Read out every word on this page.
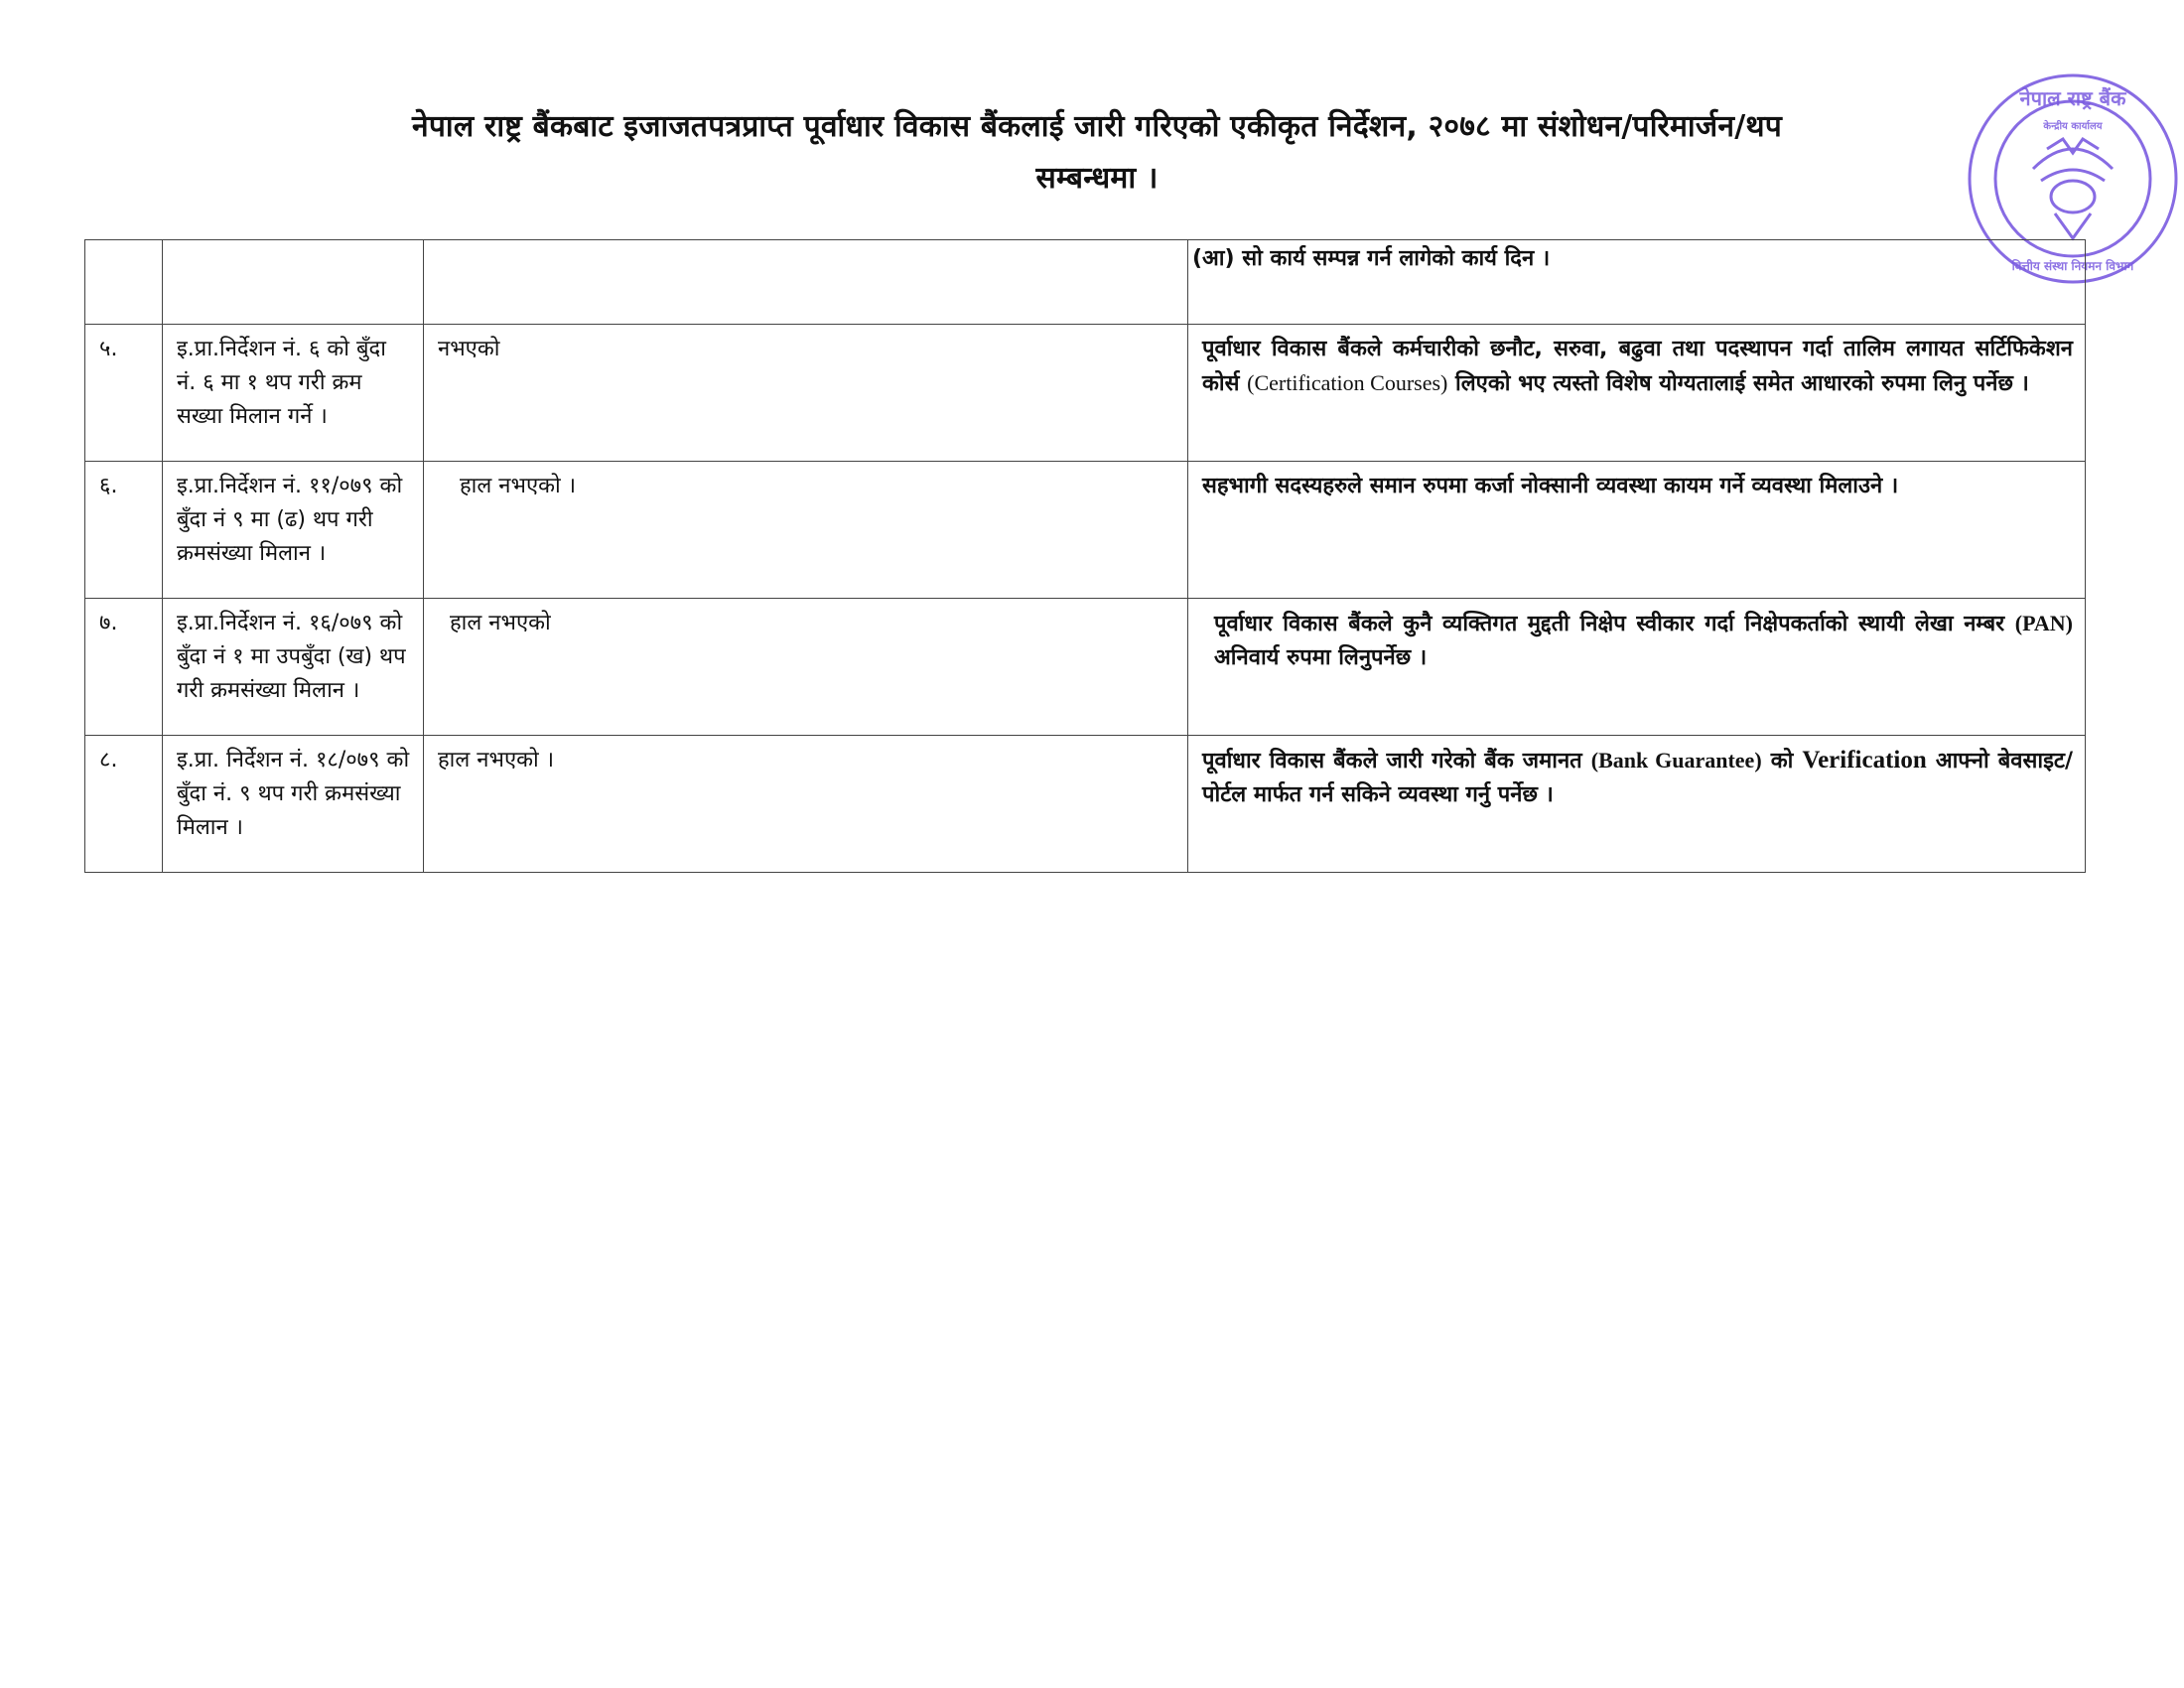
नेपाल राष्ट्र बैंकबाट इजाजतपत्रप्राप्त पूर्वाधार विकास बैंकलाई जारी गरिएको एकीकृत निर्देशन, २०७८ मा संशोधन/परिमार्जन/थप
सम्बन्धमा ।
नेपाल राष्ट्र बैंक
वित्तीय संस्था नियमन विभाग
केन्द्रीय कार्यालय
			(आ) सो कार्य सम्पन्न गर्न लागेको कार्य दिन ।
५.	इ.प्रा.निर्देशन नं. ६ को बुँदा नं. ६ मा १ थप गरी क्रम सख्या मिलान गर्ने ।	नभएको	पूर्वाधार विकास बैंकले कर्मचारीको छनौट, सरुवा, बढुवा तथा पदस्थापन गर्दा तालिम लगायत सर्टिफिकेशन कोर्स (Certification Courses) लिएको भए त्यस्तो विशेष योग्यतालाई समेत आधारको रुपमा लिनु पर्नेछ ।
६.	इ.प्रा.निर्देशन नं. ११/०७९ को बुँदा नं ९ मा (ढ) थप गरी क्रमसंख्या मिलान ।	हाल नभएको ।	सहभागी सदस्यहरुले समान रुपमा कर्जा नोक्सानी व्यवस्था कायम गर्ने व्यवस्था मिलाउने ।
७.	इ.प्रा.निर्देशन नं. १६/०७९ को बुँदा नं १ मा उपबुँदा (ख) थप गरी क्रमसंख्या मिलान ।	हाल नभएको	पूर्वाधार विकास बैंकले कुनै व्यक्तिगत मुद्दती निक्षेप स्वीकार गर्दा निक्षेपकर्ताको स्थायी लेखा नम्बर (PAN) अनिवार्य रुपमा लिनुपर्नेछ ।
८.	इ.प्रा. निर्देशन नं. १८/०७९ को बुँदा नं. ९ थप गरी क्रमसंख्या मिलान ।	हाल नभएको ।	पूर्वाधार विकास बैंकले जारी गरेको बैंक जमानत (Bank Guarantee) को Verification आफ्नो बेवसाइट/पोर्टल मार्फत गर्न सकिने व्यवस्था गर्नु पर्नेछ ।
